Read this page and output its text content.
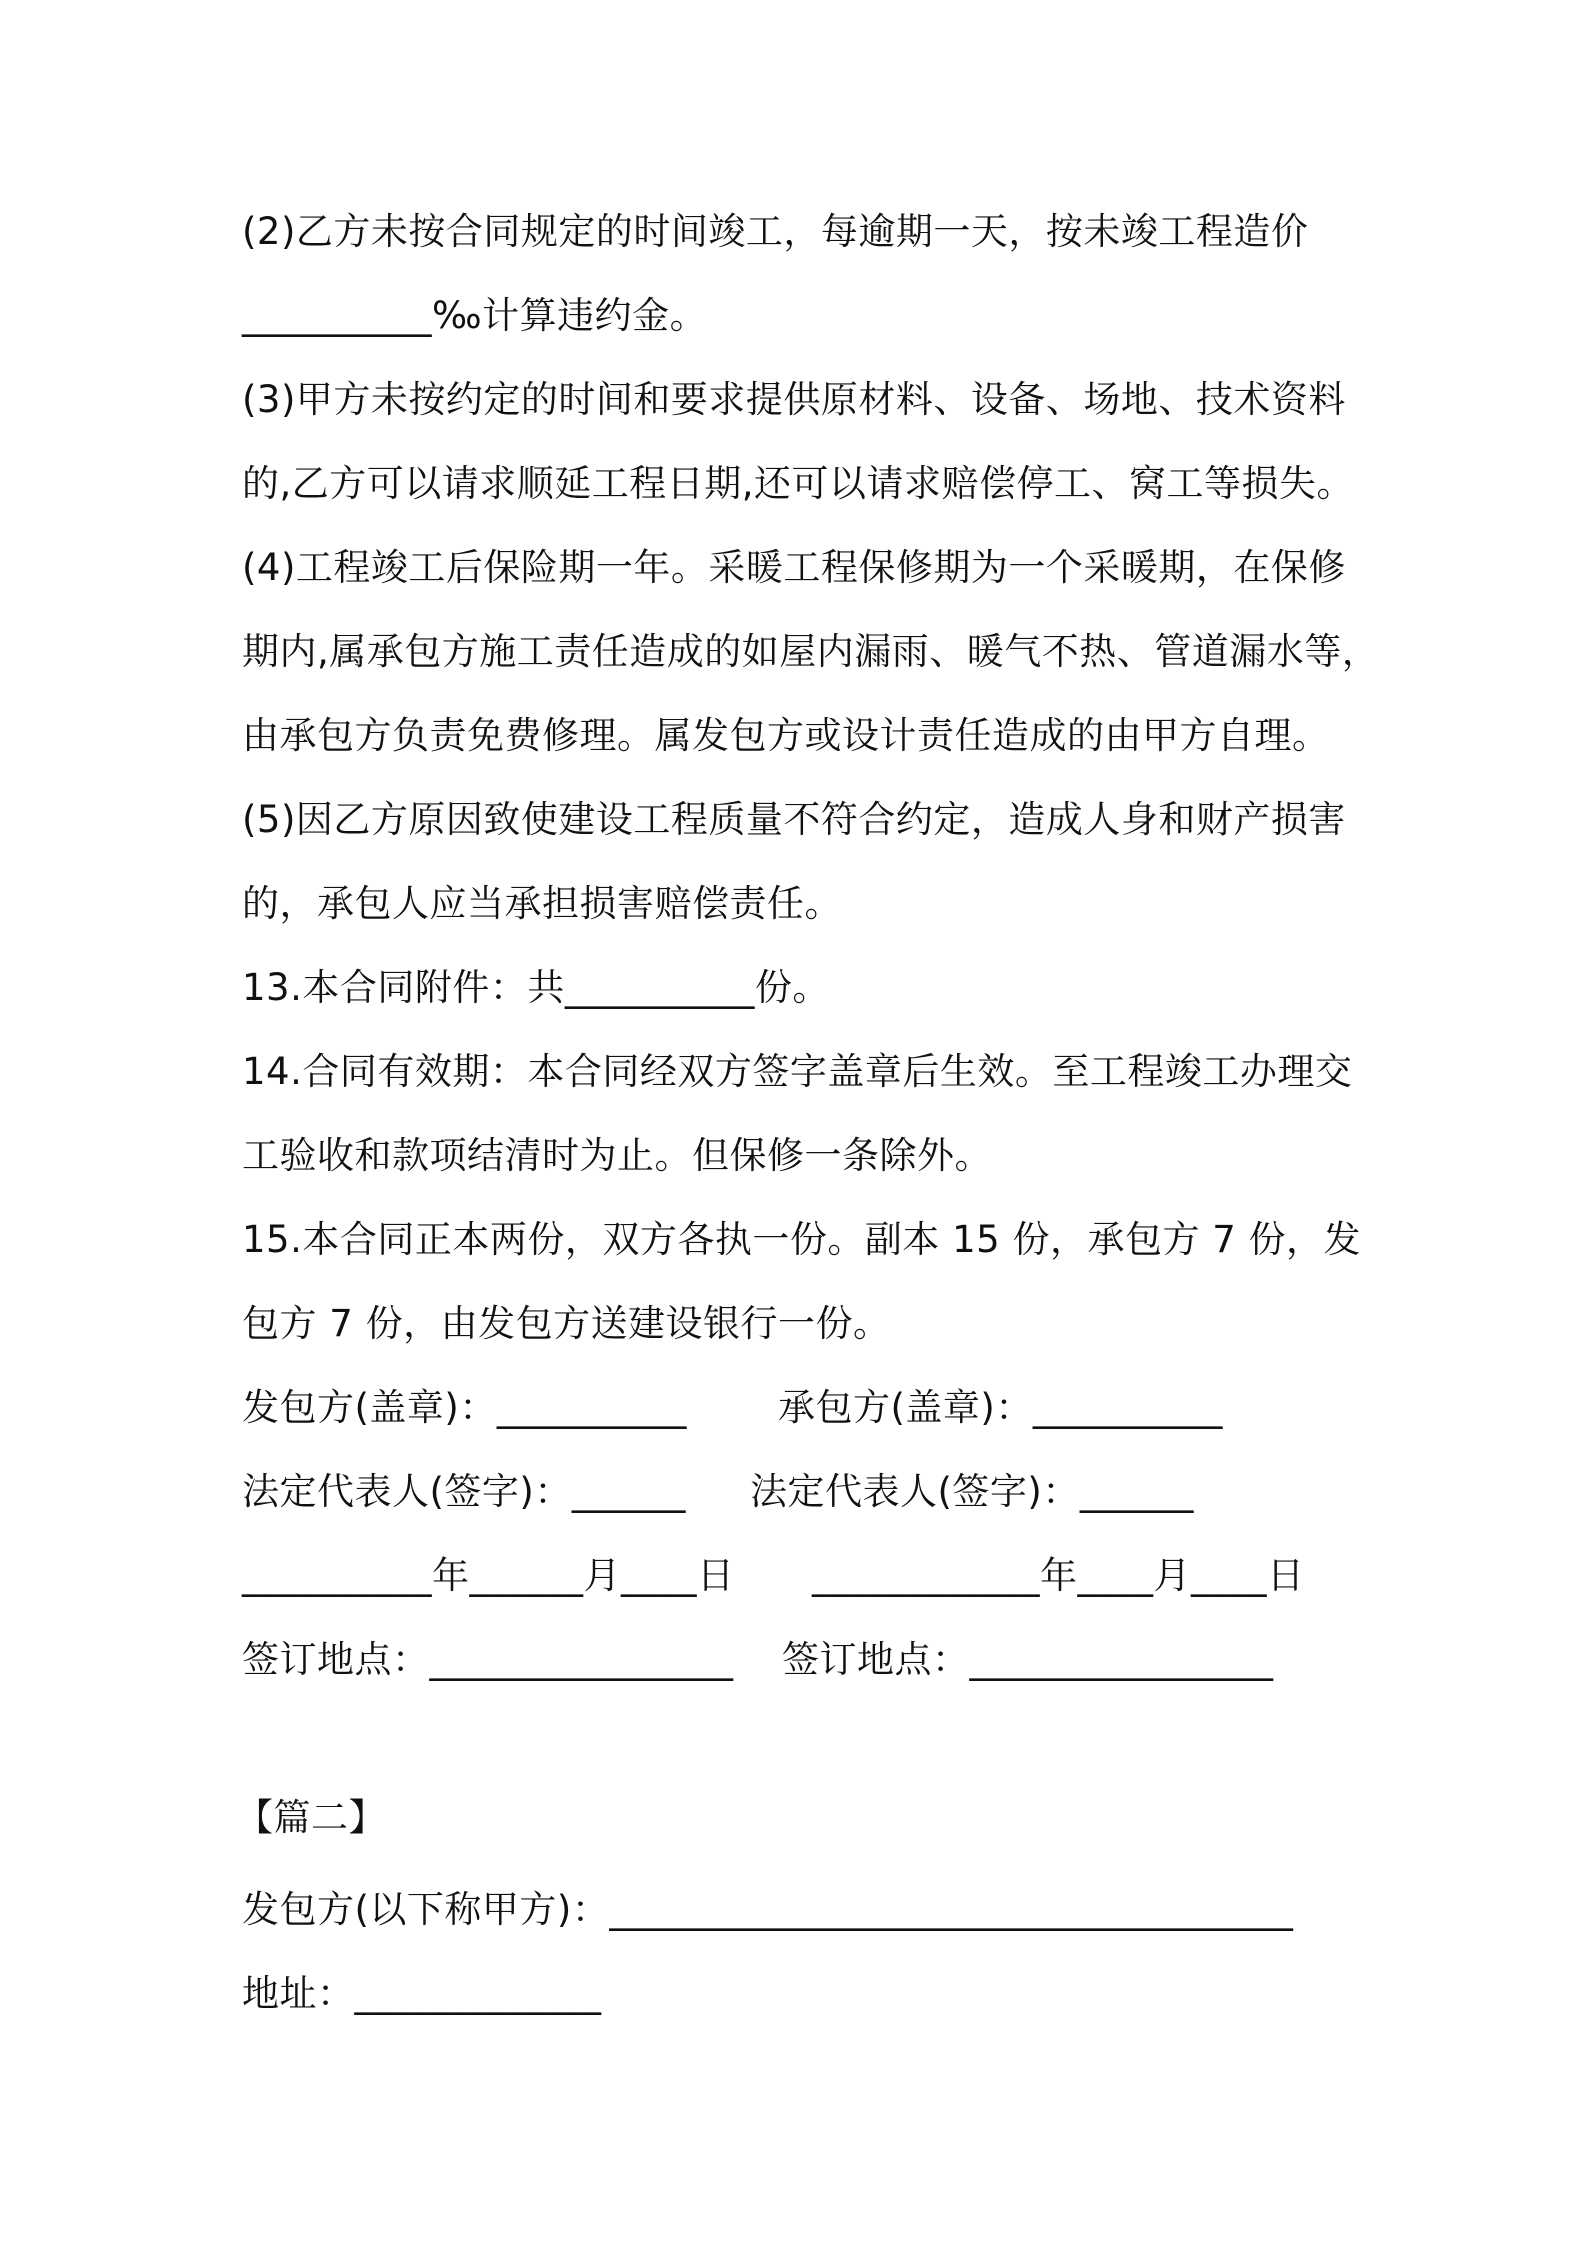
(2)乙方未按合同规定的时间竣工，每逾期一天，按未竣工程造价
__________‰计算违约金。
(3)甲方未按约定的时间和要求提供原材料、设备、场地、技术资料
的,乙方可以请求顺延工程日期,还可以请求赔偿停工、窝工等损失。
(4)工程竣工后保险期一年。采暖工程保修期为一个采暖期，在保修
期内,属承包方施工责任造成的如屋内漏雨、暖气不热、管道漏水等，
由承包方负责免费修理。属发包方或设计责任造成的由甲方自理。
(5)因乙方原因致使建设工程质量不符合约定，造成人身和财产损害
的，承包人应当承担损害赔偿责任。
13.本合同附件：共__________份。
14.合同有效期：本合同经双方签字盖章后生效。至工程竣工办理交
工验收和款项结清时为止。但保修一条除外。
15.本合同正本两份，双方各执一份。副本 15 份，承包方 7 份，发
包方 7 份，由发包方送建设银行一份。
发包方(盖章)：__________ 承包方(盖章)：__________
法定代表人(签字)：______ 法定代表人(签字)：______
__________年______月____日 ____________年____月____日
签订地点：________________ 签订地点：________________
【篇二】
发包方(以下称甲方)：____________________________________
地址：_____________
